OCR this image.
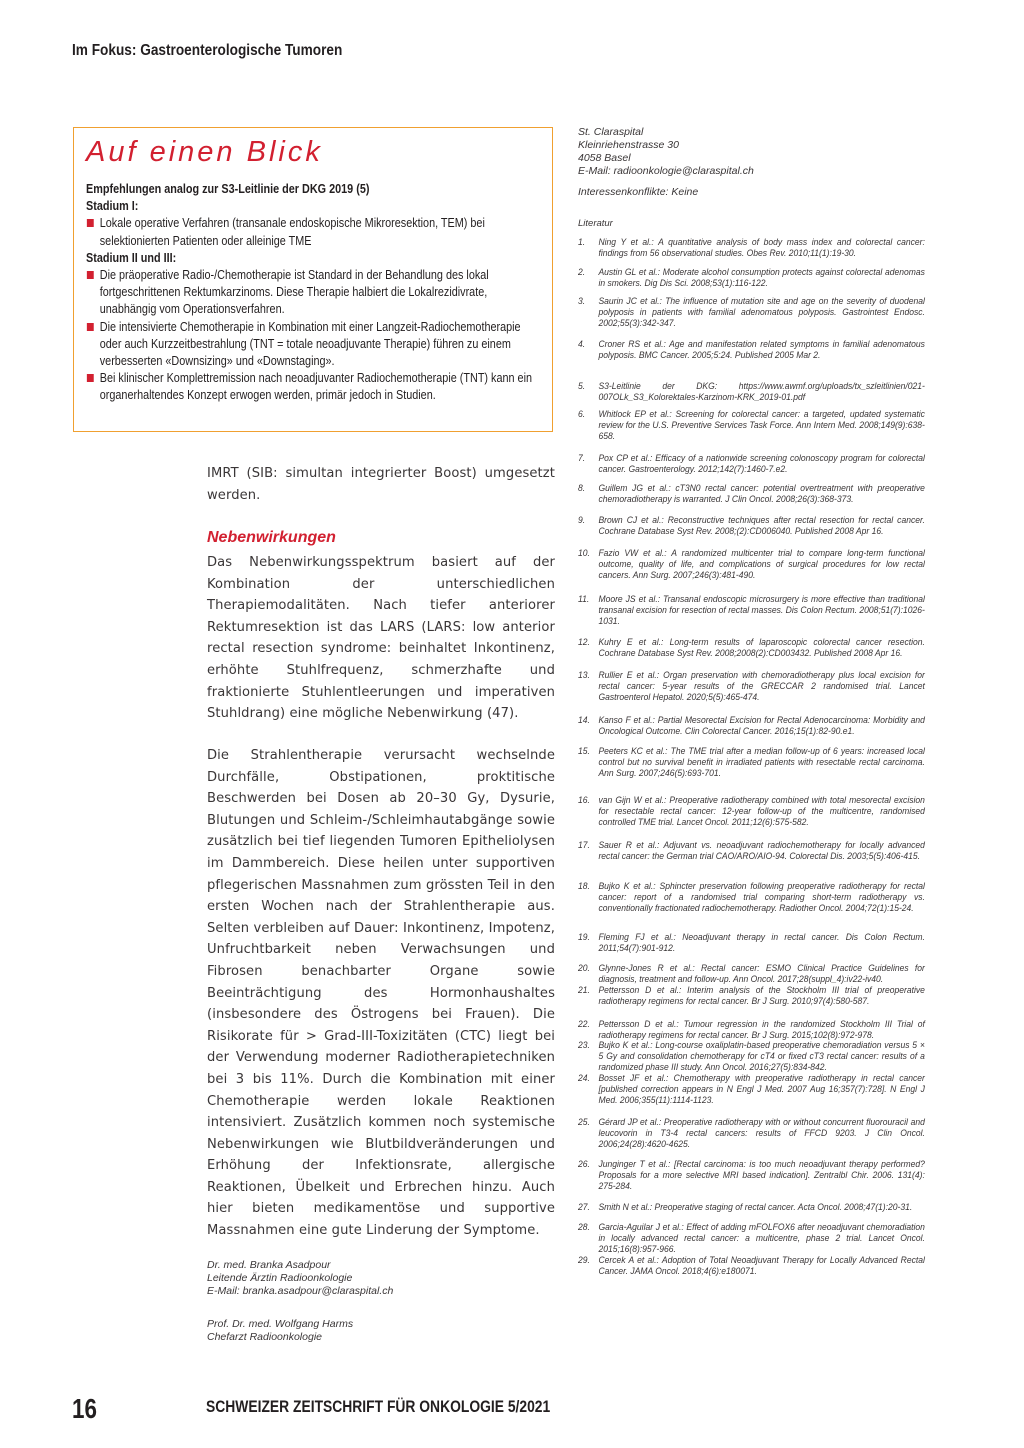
Im Fokus: Gastroenterologische Tumoren
Auf einen Blick
Empfehlungen analog zur S3-Leitlinie der DKG 2019 (5)
Stadium I:
Lokale operative Verfahren (transanale endoskopische Mikroresektion, TEM) bei selektionierten Patienten oder alleinige TME
Stadium II und III:
Die präoperative Radio-/Chemotherapie ist Standard in der Behandlung des lokal fortgeschrittenen Rektumkarzinoms. Diese Therapie halbiert die Lokalrezidivrate, unabhängig vom Operationsverfahren.
Die intensivierte Chemotherapie in Kombination mit einer Langzeit-Radiochemotherapie oder auch Kurzzeitbestrahlung (TNT = totale neoadjuvante Therapie) führen zu einem verbesserten «Downsizing» und «Downstaging».
Bei klinischer Komplettremission nach neoadjuvanter Radiochemotherapie (TNT) kann ein organerhaltendes Konzept erwogen werden, primär jedoch in Studien.

IMRT (SIB: simultan integrierter Boost) umgesetzt werden.

Nebenwirkungen

Das Nebenwirkungsspektrum basiert auf der Kombination der unterschiedlichen Therapiemodalitäten. Nach tiefer anteriorer Rektumresektion ist das LARS (LARS: low anterior rectal resection syndrome: beinhaltet Inkontinenz, erhöhte Stuhlfrequenz, schmerzhafte und fraktionierte Stuhlentleerungen und imperativen Stuhldrang) eine mögliche Nebenwirkung (47).

Die Strahlentherapie verursacht wechselnde Durchfälle, Obstipationen, proktitische Beschwerden bei Dosen ab 20–30 Gy, Dysurie, Blutungen und Schleim-/Schleimhautabgänge sowie zusätzlich bei tief liegenden Tumoren Epitheliolysen im Dammbereich. Diese heilen unter supportiven pflegerischen Massnahmen zum grössten Teil in den ersten Wochen nach der Strahlentherapie aus. Selten verbleiben auf Dauer: Inkontinenz, Impotenz, Unfruchtbarkeit neben Verwachsungen und Fibrosen benachbarter Organe sowie Beeinträchtigung des Hormonhaushaltes (insbesondere des Östrogens bei Frauen). Die Risikorate für > Grad-III-Toxizitäten (CTC) liegt bei der Verwendung moderner Radiotherapietechniken bei 3 bis 11%. Durch die Kombination mit einer Chemotherapie werden lokale Reaktionen intensiviert. Zusätzlich kommen noch systemische Nebenwirkungen wie Blutbildveränderungen und Erhöhung der Infektionsrate, allergische Reaktionen, Übelkeit und Erbrechen hinzu. Auch hier bieten medikamentöse und supportive Massnahmen eine gute Linderung der Symptome.

Dr. med. Branka Asadpour
Leitende Ärztin Radioonkologie
E-Mail: branka.asadpour@claraspital.ch
Prof. Dr. med. Wolfgang Harms
Chefarzt Radioonkologie
St. Claraspital
Kleinriehenstrasse 30
4058 Basel
E-Mail: radioonkologie@claraspital.ch
Interessenkonflikte: Keine
Literatur
1. Ning Y et al.: A quantitative analysis of body mass index and colorectal cancer: findings from 56 observational studies. Obes Rev. 2010;11(1):19-30.
2. Austin GL et al.: Moderate alcohol consumption protects against colorectal adenomas in smokers. Dig Dis Sci. 2008;53(1):116-122.
3. Saurin JC et al.: The influence of mutation site and age on the severity of duodenal polyposis in patients with familial adenomatous polyposis. Gastrointest Endosc. 2002;55(3):342-347.
4. Croner RS et al.: Age and manifestation related symptoms in familial adenomatous polyposis. BMC Cancer. 2005;5:24. Published 2005 Mar 2.
5. S3-Leitlinie der DKG: https://www.awmf.org/uploads/tx_szleitlinien/021-007OLk_S3_Kolorektales-Karzinom-KRK_2019-01.pdf
6. Whitlock EP et al.: Screening for colorectal cancer: a targeted, updated systematic review for the U.S. Preventive Services Task Force. Ann Intern Med. 2008;149(9):638-658.
7. Pox CP et al.: Efficacy of a nationwide screening colonoscopy program for colorectal cancer. Gastroenterology. 2012;142(7):1460-7.e2.
8. Guillem JG et al.: cT3N0 rectal cancer: potential overtreatment with preoperative chemoradiotherapy is warranted. J Clin Oncol. 2008;26(3):368-373.
9. Brown CJ et al.: Reconstructive techniques after rectal resection for rectal cancer. Cochrane Database Syst Rev. 2008;(2):CD006040. Published 2008 Apr 16.
10. Fazio VW et al.: A randomized multicenter trial to compare long-term functional outcome, quality of life, and complications of surgical procedures for low rectal cancers. Ann Surg. 2007;246(3):481-490.
11. Moore JS et al.: Transanal endoscopic microsurgery is more effective than traditional transanal excision for resection of rectal masses. Dis Colon Rectum. 2008;51(7):1026-1031.
12. Kuhry E et al.: Long-term results of laparoscopic colorectal cancer resection. Cochrane Database Syst Rev. 2008;2008(2):CD003432. Published 2008 Apr 16.
13. Rullier E et al.: Organ preservation with chemoradiotherapy plus local excision for rectal cancer: 5-year results of the GRECCAR 2 randomised trial. Lancet Gastroenterol Hepatol. 2020;5(5):465-474.
14. Kanso F et al.: Partial Mesorectal Excision for Rectal Adenocarcinoma: Morbidity and Oncological Outcome. Clin Colorectal Cancer. 2016;15(1):82-90.e1.
15. Peeters KC et al.: The TME trial after a median follow-up of 6 years: increased local control but no survival benefit in irradiated patients with resectable rectal carcinoma. Ann Surg. 2007;246(5):693-701.
16. van Gijn W et al.: Preoperative radiotherapy combined with total mesorectal excision for resectable rectal cancer: 12-year follow-up of the multicentre, randomised controlled TME trial. Lancet Oncol. 2011;12(6):575-582.
17. Sauer R et al.: Adjuvant vs. neoadjuvant radiochemotherapy for locally advanced rectal cancer: the German trial CAO/ARO/AIO-94. Colorectal Dis. 2003;5(5):406-415.
18. Bujko K et al.: Sphincter preservation following preoperative radiotherapy for rectal cancer: report of a randomised trial comparing short-term radiotherapy vs. conventionally fractionated radiochemotherapy. Radiother Oncol. 2004;72(1):15-24.
19. Fleming FJ et al.: Neoadjuvant therapy in rectal cancer. Dis Colon Rectum. 2011;54(7):901-912.
20. Glynne-Jones R et al.: Rectal cancer: ESMO Clinical Practice Guidelines for diagnosis, treatment and follow-up. Ann Oncol. 2017;28(suppl_4):iv22-iv40.
21. Pettersson D et al.: Interim analysis of the Stockholm III trial of preoperative radiotherapy regimens for rectal cancer. Br J Surg. 2010;97(4):580-587.
22. Pettersson D et al.: Tumour regression in the randomized Stockholm III Trial of radiotherapy regimens for rectal cancer. Br J Surg. 2015;102(8):972-978.
23. Bujko K et al.: Long-course oxaliplatin-based preoperative chemoradiation versus 5 × 5 Gy and consolidation chemotherapy for cT4 or fixed cT3 rectal cancer: results of a randomized phase III study. Ann Oncol. 2016;27(5):834-842.
24. Bosset JF et al.: Chemotherapy with preoperative radiotherapy in rectal cancer [published correction appears in N Engl J Med. 2007 Aug 16;357(7):728]. N Engl J Med. 2006;355(11):1114-1123.
25. Gérard JP et al.: Preoperative radiotherapy with or without concurrent fluorouracil and leucovorin in T3-4 rectal cancers: results of FFCD 9203. J Clin Oncol. 2006;24(28):4620-4625.
26. Junginger T et al.: [Rectal carcinoma: is too much neoadjuvant therapy performed? Proposals for a more selective MRI based indication]. Zentralbl Chir. 2006. 131(4): 275-284.
27. Smith N et al.: Preoperative staging of rectal cancer. Acta Oncol. 2008;47(1):20-31.
28. Garcia-Aguilar J et al.: Effect of adding mFOLFOX6 after neoadjuvant chemoradiation in locally advanced rectal cancer: a multicentre, phase 2 trial. Lancet Oncol. 2015;16(8):957-966.
29. Cercek A et al.: Adoption of Total Neoadjuvant Therapy for Locally Advanced Rectal Cancer. JAMA Oncol. 2018;4(6):e180071.
16	SCHWEIZER ZEITSCHRIFT FÜR ONKOLOGIE 5/2021
